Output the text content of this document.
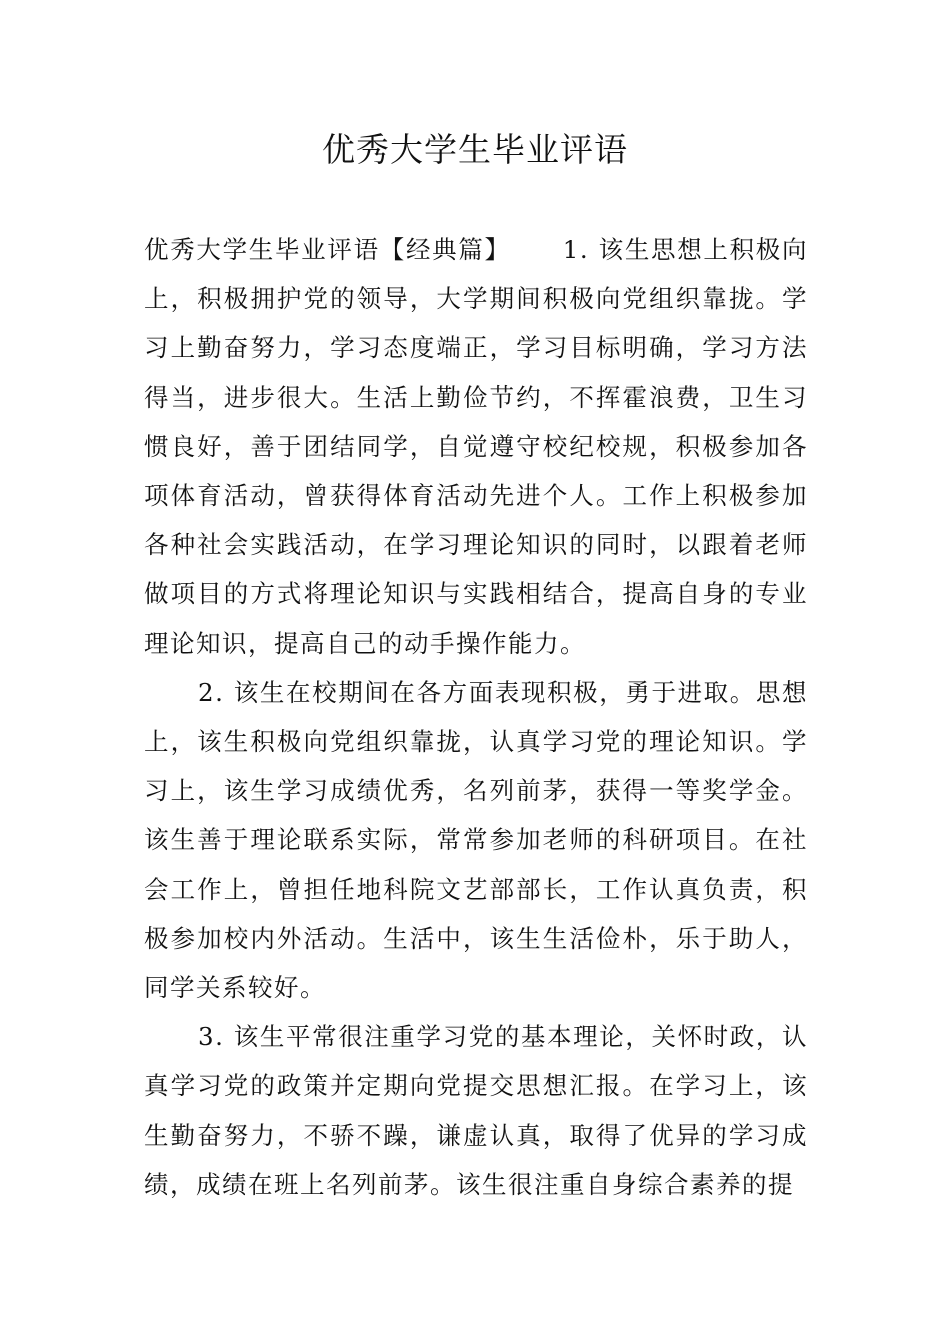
优秀大学生毕业评语

优秀大学生毕业评语【经典篇】 1. 该生思想上积极向上，积极拥护党的领导，大学期间积极向党组织靠拢。学习上勤奋努力，学习态度端正，学习目标明确，学习方法得当，进步很大。生活上勤俭节约，不挥霍浪费，卫生习惯良好，善于团结同学，自觉遵守校纪校规，积极参加各项体育活动，曾获得体育活动先进个人。工作上积极参加各种社会实践活动，在学习理论知识的同时，以跟着老师做项目的方式将理论知识与实践相结合，提高自身的专业理论知识，提高自己的动手操作能力。

2. 该生在校期间在各方面表现积极，勇于进取。思想上，该生积极向党组织靠拢，认真学习党的理论知识。学习上，该生学习成绩优秀，名列前茅，获得一等奖学金。该生善于理论联系实际，常常参加老师的科研项目。在社会工作上，曾担任地科院文艺部部长，工作认真负责，积极参加校内外活动。生活中，该生生活俭朴，乐于助人，同学关系较好。

3. 该生平常很注重学习党的基本理论，关怀时政，认真学习党的政策并定期向党提交思想汇报。在学习上，该生勤奋努力，不骄不躁，谦虚认真，取得了优异的学习成绩，成绩在班上名列前茅。该生很注重自身综合素养的提
